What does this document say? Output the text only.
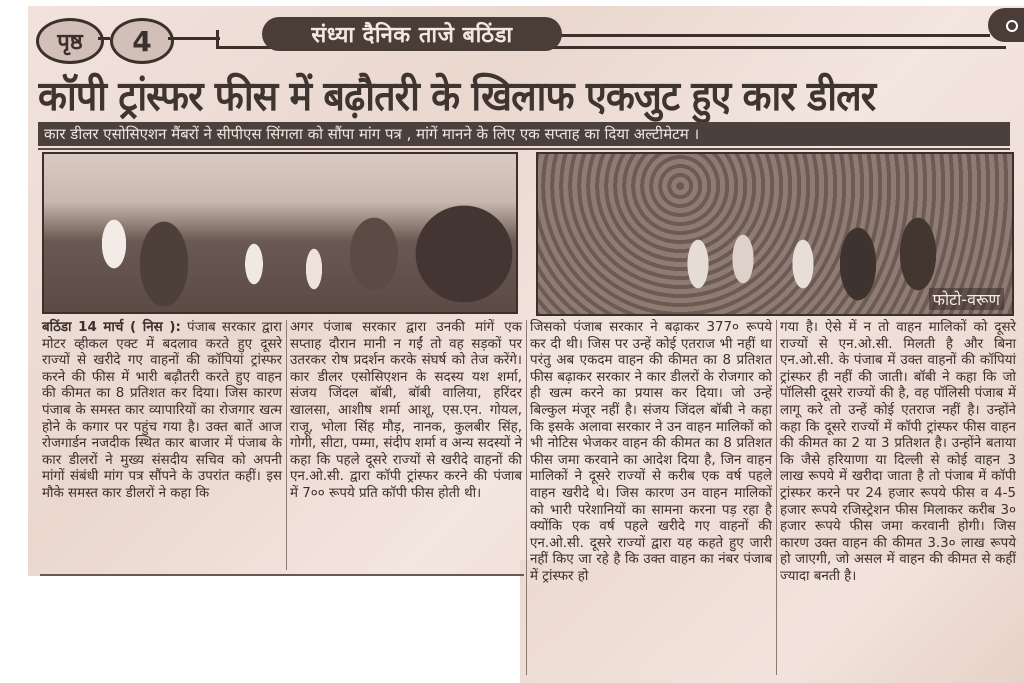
पृष्ठ	4	संध्या दैनिक ताजे बठिंडा
कॉपी ट्रांस्फर फीस में बढ़ौतरी के खिलाफ एकजुट हुए कार डीलर
कार डीलर एसोसिएशन मैंबरों ने सीपीएस सिंगला को सौंपा मांग पत्र , मांगें मानने के लिए एक सप्ताह का दिया अल्टीमेटम ।
फोटो-वरूण
बठिंडा 14 मार्च ( निस ): पंजाब सरकार द्वारा मोटर व्हीकल एक्ट में बदलाव करते हुए दूसरे राज्यों से खरीदे गए वाहनों की कॉपियां ट्रांस्फर करने की फीस में भारी बढ़ौतरी करते हुए वाहन की कीमत का 8 प्रतिशत कर दिया। जिस कारण पंजाब के समस्त कार व्यापारियों का रोजगार खत्म होने के कगार पर पहुंच गया है। उक्त बातें आज रोजगार्डन नजदीक स्थित कार बाजार में पंजाब के कार डीलरों ने मुख्य संसदीय सचिव को अपनी मांगों संबंधी मांग पत्र सौंपने के उपरांत कहीं। इस मौके समस्त कार डीलरों ने कहा कि
अगर पंजाब सरकार द्वारा उनकी मांगें एक सप्ताह दौरान मानी न गईं तो वह सड़कों पर उतरकर रोष प्रदर्शन करके संघर्ष को तेज करेंगे। कार डीलर एसोसिएशन के सदस्य यश शर्मा, संजय जिंदल बॉबी, बॉबी वालिया, हरिंदर खालसा, आशीष शर्मा आशू, एस.एन. गोयल, राजू, भोला सिंह मौड़, नानक, कुलबीर सिंह, गोगी, सीटा, पम्मा, संदीप शर्मा व अन्य सदस्यों ने कहा कि पहले दूसरे राज्यों से खरीदे वाहनों की एन.ओ.सी. द्वारा कॉपी ट्रांस्फर करने की पंजाब में 7०० रूपये प्रति कॉपी फीस होती थी।
जिसको पंजाब सरकार ने बढ़ाकर 377० रूपये कर दी थी। जिस पर उन्हें कोई एतराज भी नहीं था परंतु अब एकदम वाहन की कीमत का 8 प्रतिशत फीस बढ़ाकर सरकार ने कार डीलरों के रोजगार को ही खत्म करने का प्रयास कर दिया। जो उन्हें बिल्कुल मंजूर नहीं है। संजय जिंदल बॉबी ने कहा कि इसके अलावा सरकार ने उन वाहन मालिकों को भी नोटिस भेजकर वाहन की कीमत का 8 प्रतिशत फीस जमा करवाने का आदेश दिया है, जिन वाहन मालिकों ने दूसरे राज्यों से करीब एक वर्ष पहले वाहन खरीदे थे। जिस कारण उन वाहन मालिकों को भारी परेशानियों का सामना करना पड़ रहा है क्योंकि एक वर्ष पहले खरीदे गए वाहनों की एन.ओ.सी. दूसरे राज्यों द्वारा यह कहते हुए जारी नहीं किए जा रहे है कि उक्त वाहन का नंबर पंजाब में ट्रांस्फर हो
गया है। ऐसे में न तो वाहन मालिकों को दूसरे राज्यों से एन.ओ.सी. मिलती है और बिना एन.ओ.सी. के पंजाब में उक्त वाहनों की कॉपियां ट्रांस्फर ही नहीं की जाती। बॉबी ने कहा कि जो पॉलिसी दूसरे राज्यों की है, वह पॉलिसी पंजाब में लागू करे तो उन्हें कोई एतराज नहीं है। उन्होंने कहा कि दूसरे राज्यों में कॉपी ट्रांस्फर फीस वाहन की कीमत का 2 या 3 प्रतिशत है। उन्होंने बताया कि जैसे हरियाणा या दिल्ली से कोई वाहन 3 लाख रूपये में खरीदा जाता है तो पंजाब में कॉपी ट्रांस्फर करने पर 24 हजार रूपये फीस व 4-5 हजार रूपये रजिस्ट्रेशन फीस मिलाकर करीब 3० हजार रूपये फीस जमा करवानी होगी। जिस कारण उक्त वाहन की कीमत 3.3० लाख रूपये हो जाएगी, जो असल में वाहन की कीमत से कहीं ज्यादा बनती है।
